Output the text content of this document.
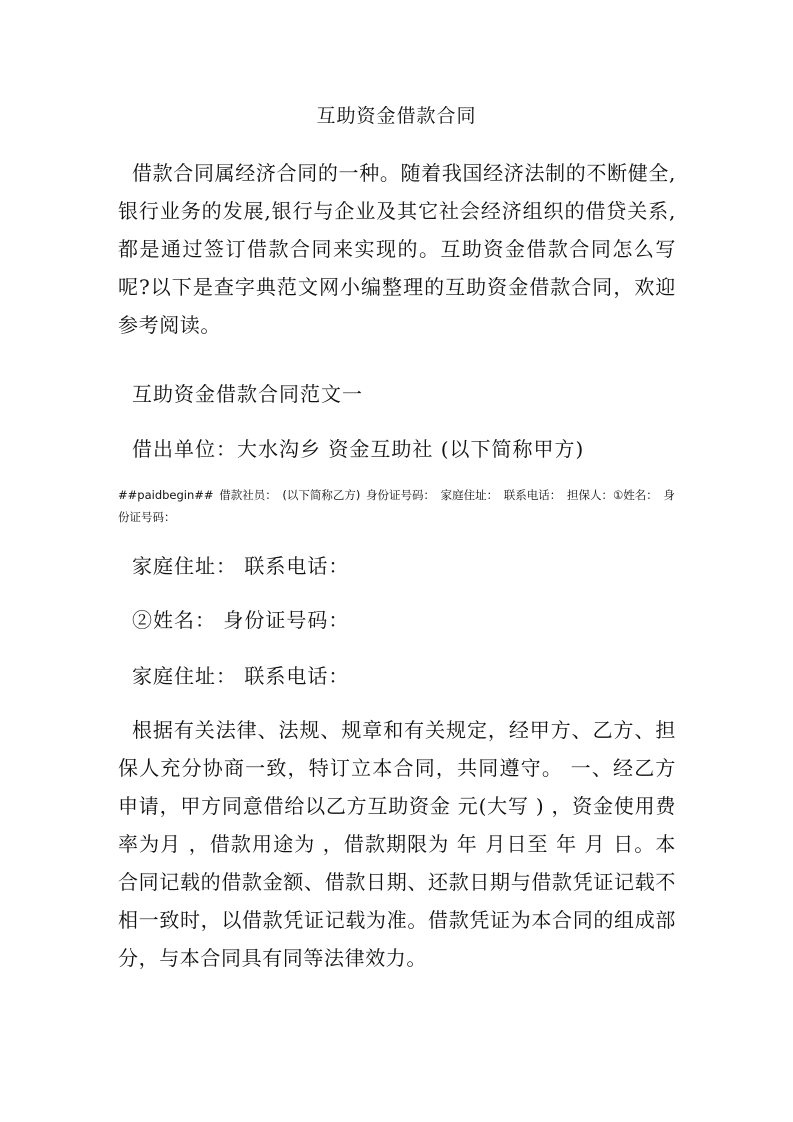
互助资金借款合同

借款合同属经济合同的一种。随着我国经济法制的不断健全,银行业务的发展,银行与企业及其它社会经济组织的借贷关系,都是通过签订借款合同来实现的。互助资金借款合同怎么写呢?以下是查字典范文网小编整理的互助资金借款合同，欢迎参考阅读。

互助资金借款合同范文一
借出单位：大水沟乡 资金互助社 (以下简称甲方)
##paidbegin## 借款社员： (以下简称乙方) 身份证号码： 家庭住址： 联系电话： 担保人：①姓名： 身份证号码：
家庭住址： 联系电话：
②姓名： 身份证号码：
家庭住址： 联系电话：

根据有关法律、法规、规章和有关规定，经甲方、乙方、担保人充分协商一致，特订立本合同，共同遵守。 一、经乙方申请，甲方同意借给以乙方互助资金 元(大写 ) ，资金使用费率为月 ，借款用途为 ，借款期限为 年 月日至 年 月 日。本合同记载的借款金额、借款日期、还款日期与借款凭证记载不相一致时，以借款凭证记载为准。借款凭证为本合同的组成部分，与本合同具有同等法律效力。
